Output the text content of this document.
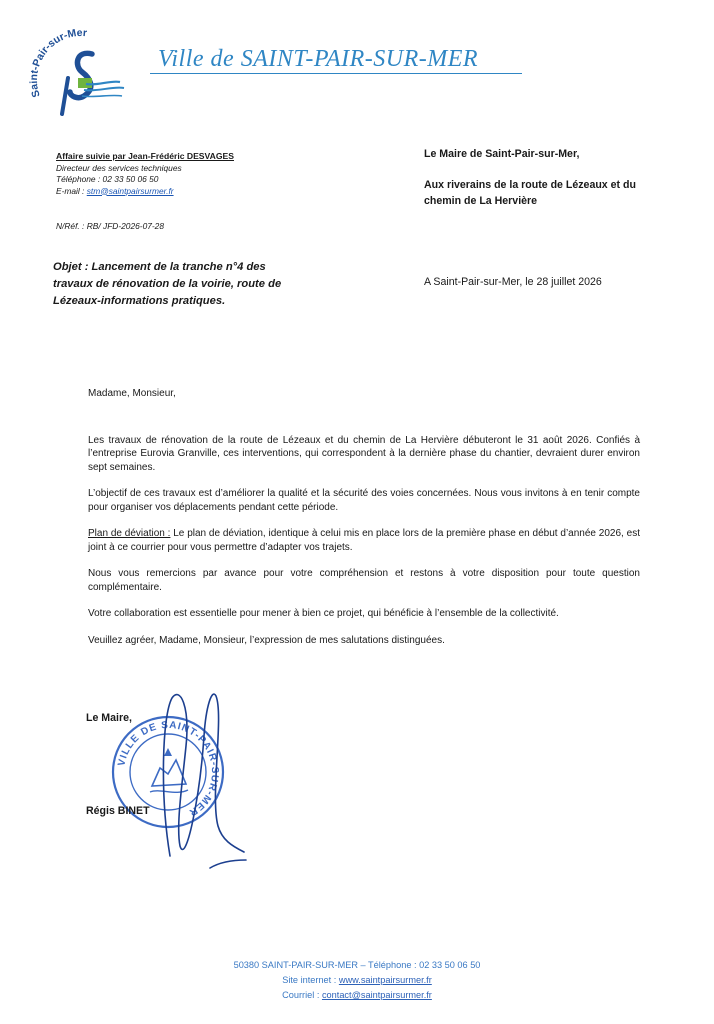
Saint-Pair-sur-Mer
Ville de SAINT-PAIR-SUR-MER
Affaire suivie par Jean-Frédéric DESVAGES
Directeur des services techniques
Téléphone : 02 33 50 06 50
E-mail : stm@saintpairsurmer.fr
N/Réf. : RB/ JFD-2026-07-28
Le Maire de Saint-Pair-sur-Mer,
Aux riverains de la route de Lézeaux et du
chemin de La Hervière
Objet : Lancement de la tranche n°4 des
travaux de rénovation de la voirie, route de
Lézeaux-informations pratiques.
A Saint-Pair-sur-Mer, le 28 juillet 2026

Madame, Monsieur,

Les travaux de rénovation de la route de Lézeaux et du chemin de La Hervière débuteront le 31 août 2026. Confiés à l’entreprise Eurovia Granville, ces interventions, qui correspondent à la dernière phase du chantier, devraient durer environ sept semaines.

L’objectif de ces travaux est d’améliorer la qualité et la sécurité des voies concernées. Nous vous invitons à en tenir compte pour organiser vos déplacements pendant cette période.

Plan de déviation : Le plan de déviation, identique à celui mis en place lors de la première phase en début d’année 2026, est joint à ce courrier pour vous permettre d’adapter vos trajets.

Nous vous remercions par avance pour votre compréhension et restons à votre disposition pour toute question complémentaire.

Votre collaboration est essentielle pour mener à bien ce projet, qui bénéficie à l’ensemble de la collectivité.

Veuillez agréer, Madame, Monsieur, l’expression de mes salutations distinguées.

VILLE DE SAINT-PAIR-SUR-MER
Le Maire,
Régis BINET
50380 SAINT-PAIR-SUR-MER – Téléphone : 02 33 50 06 50
Site internet : www.saintpairsurmer.fr
Courriel : contact@saintpairsurmer.fr
